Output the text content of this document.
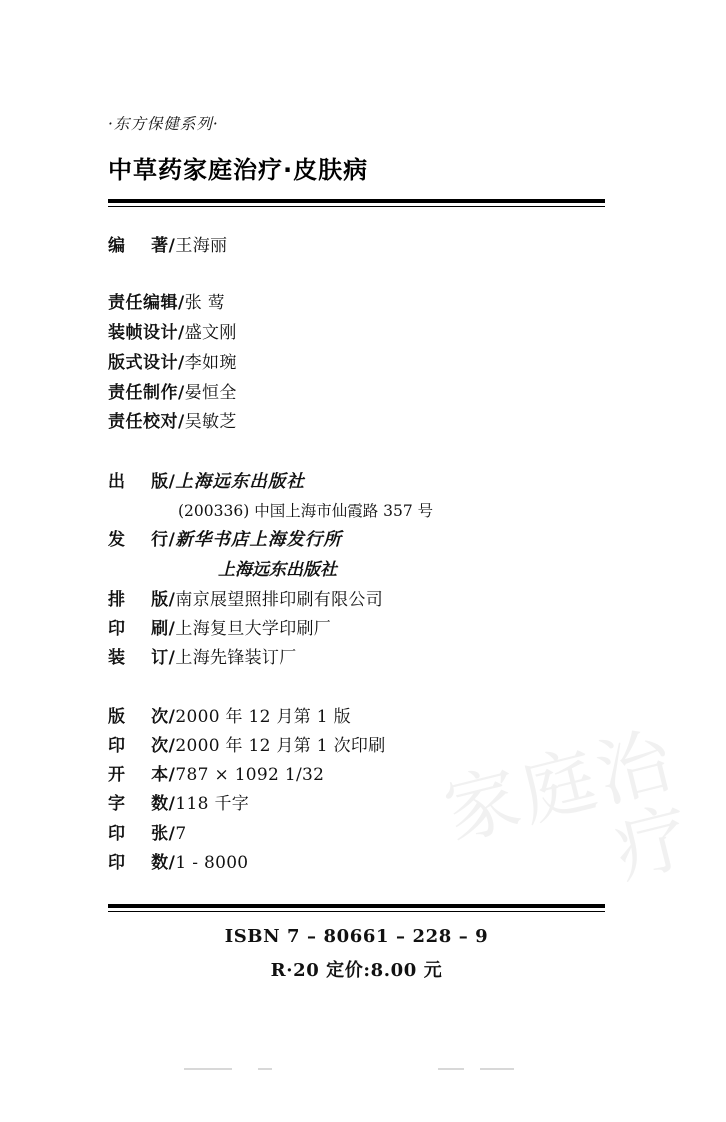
家庭治疗
·东方保健系列·
中草药家庭治疗·皮肤病
编    著/ 王海丽
责任编辑/ 张 莺
装帧设计/ 盛文刚
版式设计/ 李如琬
责任制作/ 晏恒全
责任校对/ 吴敏芝
出    版/ 上海远东出版社
(200336) 中国上海市仙霞路 357 号
发    行/ 新华书店上海发行所
上海远东出版社
排    版/ 南京展望照排印刷有限公司
印    刷/ 上海复旦大学印刷厂
装    订/ 上海先锋装订厂
版    次/ 2000 年 12 月第 1 版
印    次/ 2000 年 12 月第 1 次印刷
开    本/ 787 × 1092 1/32
字    数/ 118 千字
印    张/ 7
印    数/ 1 - 8000
ISBN 7 – 80661 – 228 – 9
R·20 定价:8.00 元
